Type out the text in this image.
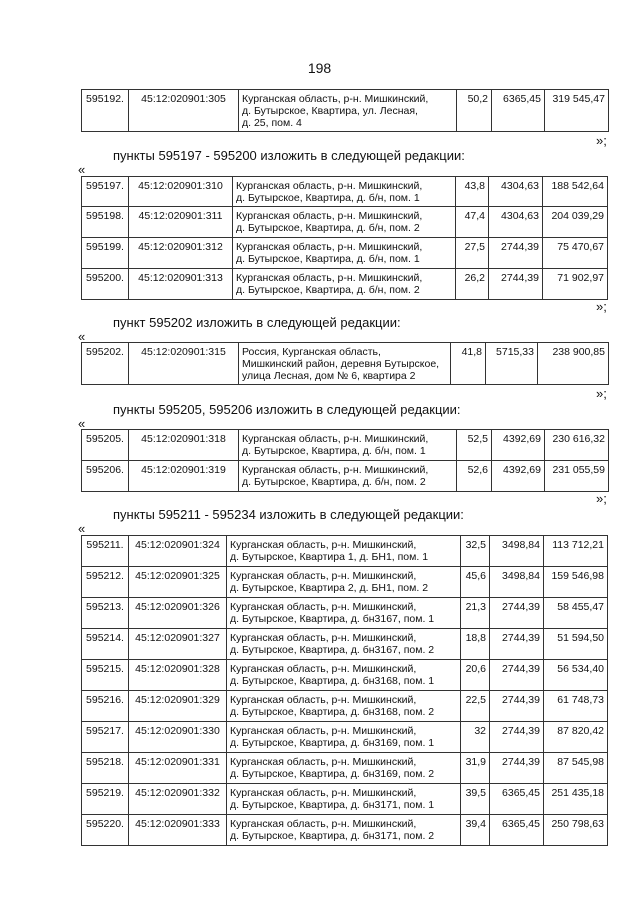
198
595192.	45:12:020901:305	Курганская область, р-н. Мишкинский,
д. Бутырское, Квартира, ул. Лесная,
д. 25, пом. 4	50,2	6365,45	319 545,47
»;
пункты 595197 - 595200 изложить в следующей редакции:
«
595197.	45:12:020901:310	Курганская область, р-н. Мишкинский,
д. Бутырское, Квартира, д. б/н, пом. 1	43,8	4304,63	188 542,64
595198.	45:12:020901:311	Курганская область, р-н. Мишкинский,
д. Бутырское, Квартира, д. б/н, пом. 2	47,4	4304,63	204 039,29
595199.	45:12:020901:312	Курганская область, р-н. Мишкинский,
д. Бутырское, Квартира, д. б/н, пом. 1	27,5	2744,39	75 470,67
595200.	45:12:020901:313	Курганская область, р-н. Мишкинский,
д. Бутырское, Квартира, д. б/н, пом. 2	26,2	2744,39	71 902,97
»;
пункт 595202 изложить в следующей редакции:
«
595202.	45:12:020901:315	Россия, Курганская область,
Мишкинский район, деревня Бутырское,
улица Лесная, дом № 6, квартира 2	41,8	5715,33	238 900,85
»;
пункты 595205, 595206 изложить в следующей редакции:
«
595205.	45:12:020901:318	Курганская область, р-н. Мишкинский,
д. Бутырское, Квартира, д. б/н, пом. 1	52,5	4392,69	230 616,32
595206.	45:12:020901:319	Курганская область, р-н. Мишкинский,
д. Бутырское, Квартира, д. б/н, пом. 2	52,6	4392,69	231 055,59
»;
пункты 595211 - 595234 изложить в следующей редакции:
«
595211.	45:12:020901:324	Курганская область, р-н. Мишкинский,
д. Бутырское, Квартира 1, д. БН1, пом. 1	32,5	3498,84	113 712,21
595212.	45:12:020901:325	Курганская область, р-н. Мишкинский,
д. Бутырское, Квартира 2, д. БН1, пом. 2	45,6	3498,84	159 546,98
595213.	45:12:020901:326	Курганская область, р-н. Мишкинский,
д. Бутырское, Квартира, д. бн3167, пом. 1	21,3	2744,39	58 455,47
595214.	45:12:020901:327	Курганская область, р-н. Мишкинский,
д. Бутырское, Квартира, д. бн3167, пом. 2	18,8	2744,39	51 594,50
595215.	45:12:020901:328	Курганская область, р-н. Мишкинский,
д. Бутырское, Квартира, д. бн3168, пом. 1	20,6	2744,39	56 534,40
595216.	45:12:020901:329	Курганская область, р-н. Мишкинский,
д. Бутырское, Квартира, д. бн3168, пом. 2	22,5	2744,39	61 748,73
595217.	45:12:020901:330	Курганская область, р-н. Мишкинский,
д. Бутырское, Квартира, д. бн3169, пом. 1	32	2744,39	87 820,42
595218.	45:12:020901:331	Курганская область, р-н. Мишкинский,
д. Бутырское, Квартира, д. бн3169, пом. 2	31,9	2744,39	87 545,98
595219.	45:12:020901:332	Курганская область, р-н. Мишкинский,
д. Бутырское, Квартира, д. бн3171, пом. 1	39,5	6365,45	251 435,18
595220.	45:12:020901:333	Курганская область, р-н. Мишкинский,
д. Бутырское, Квартира, д. бн3171, пом. 2	39,4	6365,45	250 798,63
